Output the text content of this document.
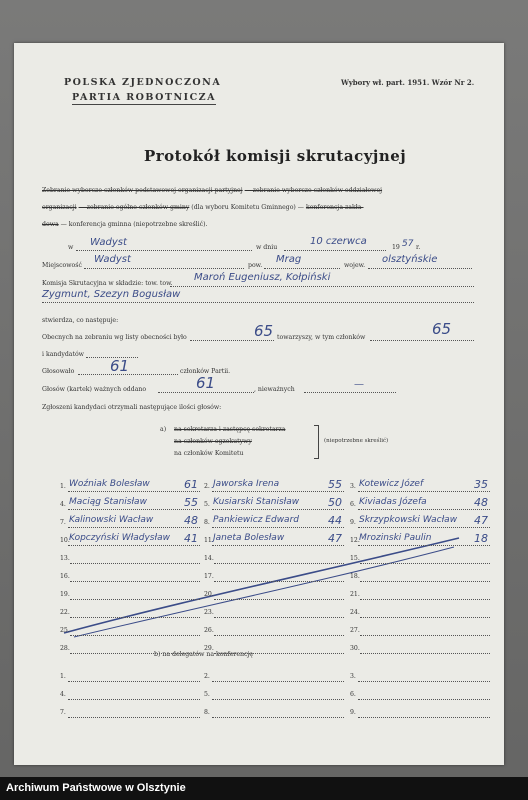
POLSKA ZJEDNOCZONA
PARTIA ROBOTNICZA
Wybory wł. part. 1951. Wzór Nr 2.
Protokół komisji skrutacyjnej
Zebranie wyborcze członków podstawowej organizacji partyjnej — zebranie wyborcze członków oddziałowej
organizacji — zebranie ogólne członków gminy (dla wyboru Komitetu Gminnego) — konferencja zakła-
dowa — konferencja gminna (niepotrzebne skreślić).
w Wadyst	w dniu
10 czerwca
19 57 r.
Miejscowość
Wadyst
pow.
Mrag
wojew.
olsztyńskie
Komisja Skrutacyjna w składzie: tow. tow.
Maroń Eugeniusz, Kołpiński
Zygmunt, Szezyn Bogusław
stwierdza, co następuje:
Obecnych na zebraniu wg listy obecności było	65 towarzyszy, w tym członków	65
i kandydatów
Głosowało 61	członków Partii.
Głosów (kartek) ważnych oddano	61	, nieważnych	—
Zgłoszeni kandydaci otrzymali następujące ilości głosów:
a) na sekretarza i zastępcę sekretarza
na członków egzekutywy
na członków Komitetu
(niepotrzebne skreślić)
b) na delegatów na konferencję
1. Woźniak Bolesław	61 2. Jaworska Irena	55 3. Kotewicz Józef	35
4. Maciąg Stanisław	55 5. Kusiarski Stanisław	50 6. Kiviadas Józefa	48
7. Kalinowski Wacław	48 8. Pankiewicz Edward	44 9. Skrzypkowski Wacław 47
10. Kopczyński Władysław 41 11. Janeta Bolesław	47 12. Mrozinski Paulin	18
13.	14.	15.
16.	17.	18.
19.	20.	21.
22.	23.	24.
25.	26.	27.
28.	29.	30.
1.	2.	3.
4.	5.	6.
7.	8.	9.
Archiwum Państwowe w Olsztynie
